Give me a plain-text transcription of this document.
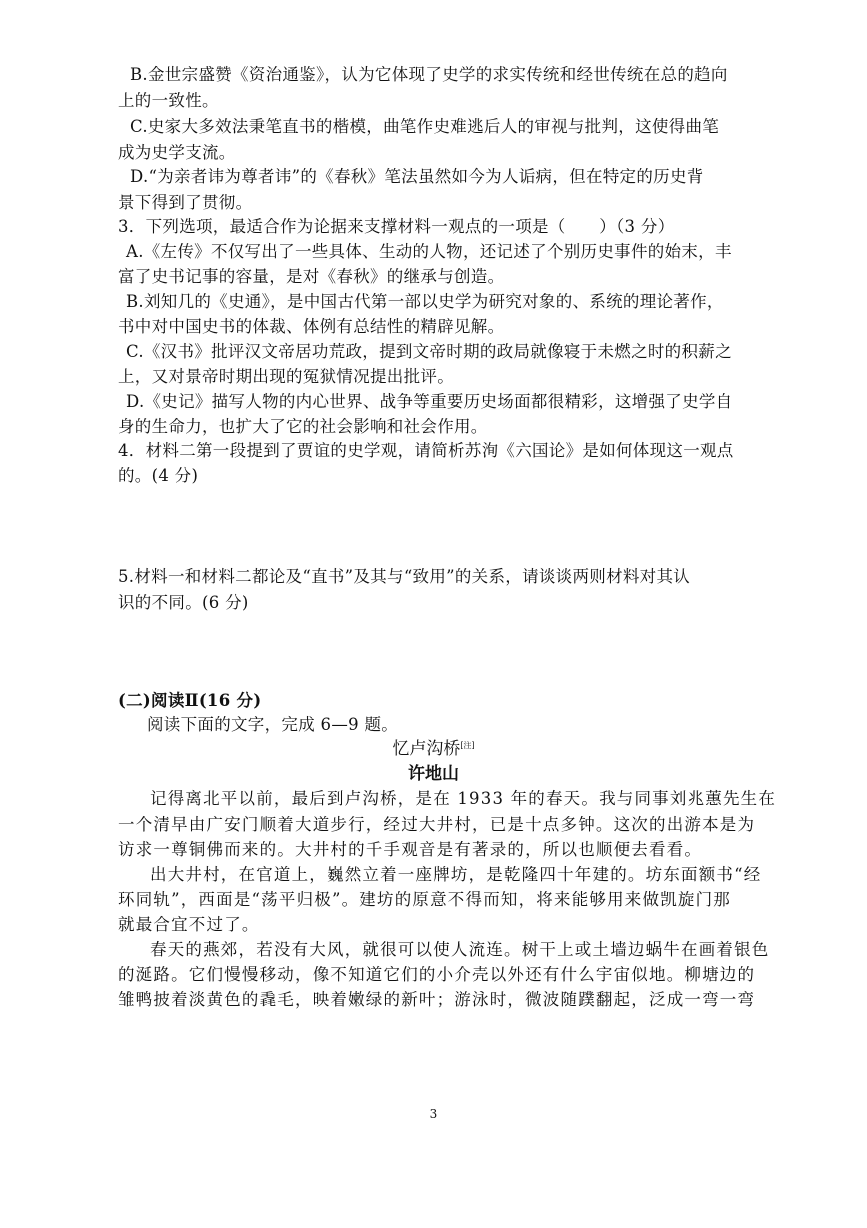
B.金世宗盛赞《资治通鉴》，认为它体现了史学的求实传统和经世传统在总的趋向
上的一致性。
C.史家大多效法秉笔直书的楷模，曲笔作史难逃后人的审视与批判，这使得曲笔
成为史学支流。
D.“为亲者讳为尊者讳”的《春秋》笔法虽然如今为人诟病，但在特定的历史背
景下得到了贯彻。
3．下列选项，最适合作为论据来支撑材料一观点的一项是（　　）（3 分）
A.《左传》不仅写出了一些具体、生动的人物，还记述了个别历史事件的始末，丰
富了史书记事的容量，是对《春秋》的继承与创造。
B.刘知几的《史通》，是中国古代第一部以史学为研究对象的、系统的理论著作，
书中对中国史书的体裁、体例有总结性的精辟见解。
C.《汉书》批评汉文帝居功荒政，提到文帝时期的政局就像寝于未燃之时的积薪之
上，又对景帝时期出现的冤狱情况提出批评。
D.《史记》描写人物的内心世界、战争等重要历史场面都很精彩，这增强了史学自
身的生命力，也扩大了它的社会影响和社会作用。
4．材料二第一段提到了贾谊的史学观，请简析苏洵《六国论》是如何体现这一观点
的。(4 分)
5.材料一和材料二都论及“直书”及其与“致用”的关系，请谈谈两则材料对其认
识的不同。(6 分)
(二)阅读Ⅱ(16 分)
阅读下面的文字，完成 6—9 题。
忆卢沟桥[注]
许地山
记得离北平以前，最后到卢沟桥，是在 1933 年的春天。我与同事刘兆蕙先生在
一个清早由广安门顺着大道步行，经过大井村，已是十点多钟。这次的出游本是为
访求一尊铜佛而来的。大井村的千手观音是有著录的，所以也顺便去看看。
出大井村，在官道上，巍然立着一座牌坊，是乾隆四十年建的。坊东面额书“经
环同轨”，西面是“荡平归极”。建坊的原意不得而知，将来能够用来做凯旋门那
就最合宜不过了。
春天的燕郊，若没有大风，就很可以使人流连。树干上或土墙边蜗牛在画着银色
的涎路。它们慢慢移动，像不知道它们的小介壳以外还有什么宇宙似地。柳塘边的
雏鸭披着淡黄色的毳毛，映着嫩绿的新叶；游泳时，微波随蹼翻起，泛成一弯一弯
3
